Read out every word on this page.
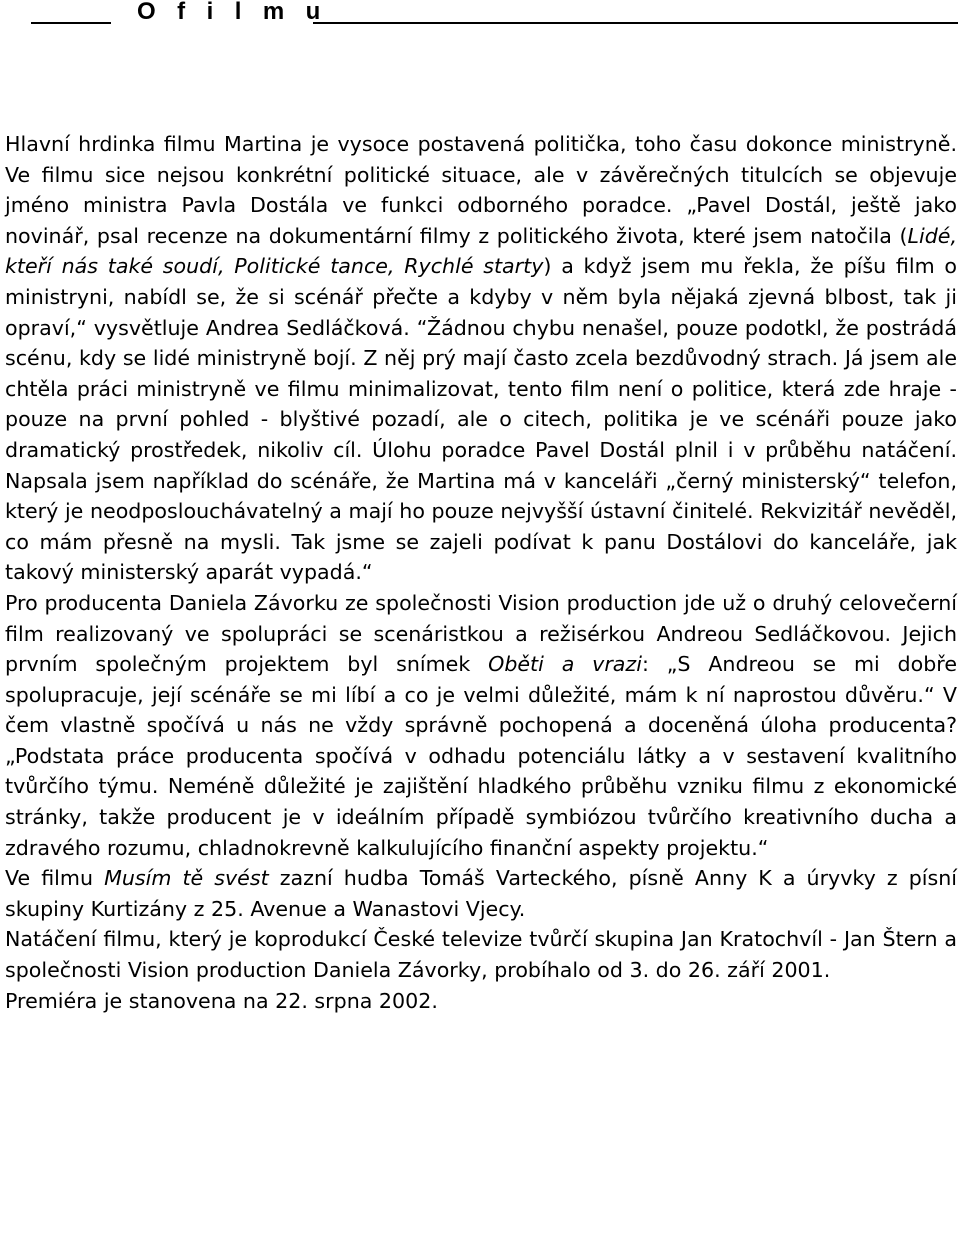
O f i l m u

Hlavní hrdinka filmu Martina je vysoce postavená politička, toho času dokonce ministryně. Ve filmu sice nejsou konkrétní politické situace, ale v závěrečných titulcích se objevuje jméno ministra Pavla Dostála ve funkci odborného poradce. „Pavel Dostál, ještě jako novinář, psal recenze na dokumentární filmy z politického života, které jsem natočila (Lidé, kteří nás také soudí, Politické tance, Rychlé starty) a když jsem mu řekla, že píšu film o ministryni, nabídl se, že si scénář přečte a kdyby v něm byla nějaká zjevná blbost, tak ji opraví,“ vysvětluje Andrea Sedláčková. “Žádnou chybu nenašel, pouze podotkl, že postrádá scénu, kdy se lidé ministryně bojí. Z něj prý mají často zcela bezdůvodný strach. Já jsem ale chtěla práci ministryně ve filmu minimalizovat, tento film není o politice, která zde hraje - pouze na první pohled - blyštivé pozadí, ale o citech, politika je ve scénáři pouze jako dramatický prostředek, nikoliv cíl. Úlohu poradce Pavel Dostál plnil i v průběhu natáčení. Napsala jsem například do scénáře, že Martina má v kanceláři „černý ministerský“ telefon, který je neodposlouchávatelný a mají ho pouze nejvyšší ústavní činitelé. Rekvizitář nevěděl, co mám přesně na mysli. Tak jsme se zajeli podívat k panu Dostálovi do kanceláře, jak takový ministerský aparát vypadá.“

Pro producenta Daniela Závorku ze společnosti Vision production jde už o druhý celovečerní film realizovaný ve spolupráci se scenáristkou a režisérkou Andreou Sedláčkovou. Jejich prvním společným projektem byl snímek Oběti a vrazi: „S Andreou se mi dobře spolupracuje, její scénáře se mi líbí a co je velmi důležité, mám k ní naprostou důvěru.“ V čem vlastně spočívá u nás ne vždy správně pochopená a doceněná úloha producenta? „Podstata práce producenta spočívá v odhadu potenciálu látky a v sestavení kvalitního tvůrčího týmu. Neméně důležité je zajištění hladkého průběhu vzniku filmu z ekonomické stránky, takže producent je v ideálním případě symbiózou tvůrčího kreativního ducha a zdravého rozumu, chladnokrevně kalkulujícího finanční aspekty projektu.“

Ve filmu Musím tě svést zazní hudba Tomáš Varteckého, písně Anny K a úryvky z písní skupiny Kurtizány z 25. Avenue a Wanastovi Vjecy.

Natáčení filmu, který je koprodukcí České televize tvůrčí skupina Jan Kratochvíl - Jan Štern a společnosti Vision production Daniela Závorky, probíhalo od 3. do 26. září 2001.

Premiéra je stanovena na 22. srpna 2002.
